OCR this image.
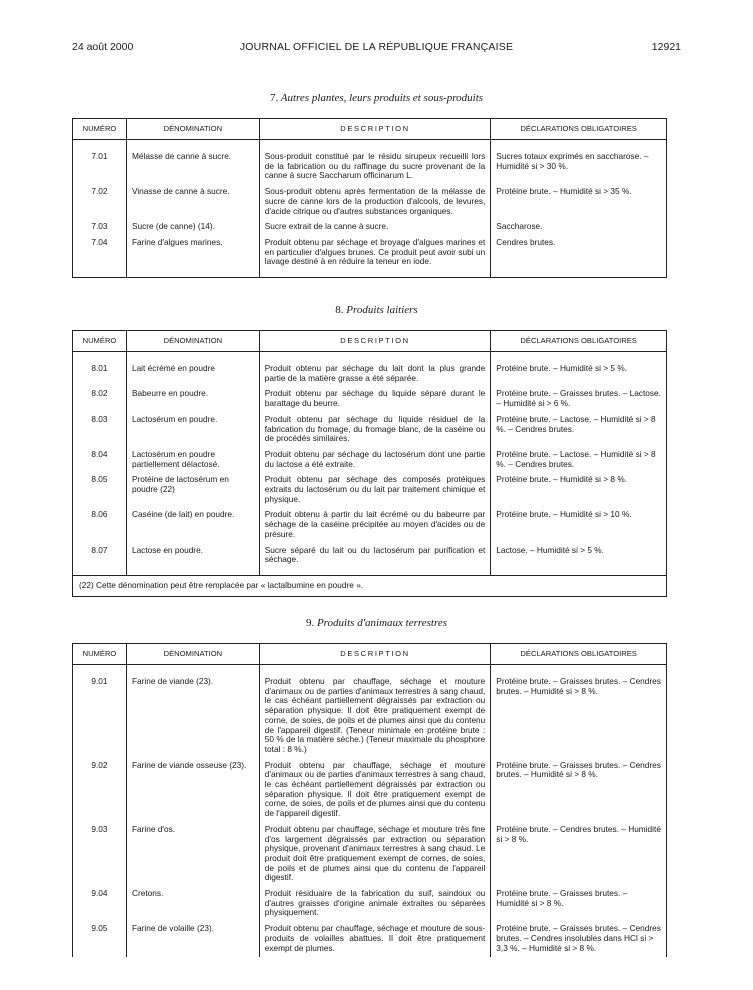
24 août 2000	JOURNAL OFFICIEL DE LA RÉPUBLIQUE FRANÇAISE	12921
7. Autres plantes, leurs produits et sous-produits
NUMÉRO	DÉNOMINATION	DESCRIPTION	DÉCLARATIONS OBLIGATOIRES

7.01	Mélasse de canne à sucre.	Sous-produit constitué par le résidu sirupeux recueilli lors de la fabrication ou du raffinage du sucre provenant de la canne à sucre Saccharum officinarum L.	Sucres totaux exprimés en saccharose. – Humidité si > 30 %.
7.02	Vinasse de canne à sucre.	Sous-produit obtenu après fermentation de la mélasse de sucre de canne lors de la production d'alcools, de levures, d'acide citrique ou d'autres substances organiques.	Protéine brute. – Humidité si > 35 %.
7.03	Sucre (de canne) (14).	Sucre extrait de la canne à sucre.	Saccharose.
7.04	Farine d'algues marines.	Produit obtenu par séchage et broyage d'algues marines et en particulier d'algues brunes. Ce produit peut avoir subi un lavage destiné à en réduire la teneur en iode.	Cendres brutes.
8. Produits laitiers
NUMÉRO	DÉNOMINATION	DESCRIPTION	DÉCLARATIONS OBLIGATOIRES

8.01	Lait écrémé en poudre	Produit obtenu par séchage du lait dont la plus grande partie de la matière grasse a été séparée.	Protéine brute. – Humidité si > 5 %.
8.02	Babeurre en poudre.	Produit obtenu par séchage du liquide séparé durant le barattage du beurre.	Protéine brute. – Graisses brutes. – Lactose. – Humidité si > 6 %.
8.03	Lactosérum en poudre.	Produit obtenu par séchage du liquide résiduel de la fabrication du fromage, du fromage blanc, de la caséine ou de procédés similaires.	Protéine brute. – Lactose. – Humidité si > 8 %. – Cendres brutes.
8.04	Lactosérum en poudre partiellement délactosé.	Produit obtenu par séchage du lactosérum dont une partie du lactose a été extraite.	Protéine brute. – Lactose. – Humidité si > 8 %. – Cendres brutes.
8.05	Protéine de lactosérum en poudre (22)	Produit obtenu par séchage des composés protéiques extraits du lactosérum ou du lait par traitement chimique et physique.	Protéine brute. – Humidité si > 8 %.
8.06	Caséine (de lait) en poudre.	Produit obtenu à partir du lait écrémé ou du babeurre par séchage de la caséine précipitée au moyen d'acides ou de présure.	Protéine brute. – Humidité si > 10 %.
8.07	Lactose en poudre.	Sucre séparé du lait ou du lactosérum par purification et séchage.	Lactose. – Humidité si > 5 %.
(22) Cette dénomination peut être remplacée par « lactalbumine en poudre ».			
9. Produits d'animaux terrestres
NUMÉRO	DÉNOMINATION	DESCRIPTION	DÉCLARATIONS OBLIGATOIRES

9.01	Farine de viande (23).	Produit obtenu par chauffage, séchage et mouture d'animaux ou de parties d'animaux terrestres à sang chaud, le cas échéant partiellement dégraissés par extraction ou séparation physique. Il doit être pratiquement exempt de corne, de soies, de poils et de plumes ainsi que du contenu de l'appareil digestif. (Teneur minimale en protéine brute : 50 % de la matière sèche.) (Teneur maximale du phosphore total : 8 %.)	Protéine brute. – Graisses brutes. – Cendres brutes. – Humidité si > 8 %.
9.02	Farine de viande osseuse (23).	Produit obtenu par chauffage, séchage et mouture d'animaux ou de parties d'animaux terrestres à sang chaud, le cas échéant partiellement dégraissés par extraction ou séparation physique. Il doit être pratiquement exempt de corne, de soies, de poils et de plumes ainsi que du contenu de l'appareil digestif.	Protéine brute. – Graisses brutes. – Cendres brutes. – Humidité si > 8 %.
9.03	Farine d'os.	Produit obtenu par chauffage, séchage et mouture très fine d'os largement dégraissés par extraction ou séparation physique, provenant d'animaux terrestres à sang chaud. Le produit doit être pratiquement exempt de cornes, de soies, de poils et de plumes ainsi que du contenu de l'appareil digestif.	Protéine brute. – Cendres brutes. – Humidité si > 8 %.
9.04	Cretons.	Produit résiduaire de la fabrication du suif, saindoux ou d'autres graisses d'origine animale extraites ou séparées physiquement.	Protéine brute. – Graisses brutes. – Humidité si > 8 %.
9.05	Farine de volaille (23).	Produit obtenu par chauffage, séchage et mouture de sous-produits de volailles abattues. Il doit être pratiquement exempt de plumes.	Protéine brute. – Graisses brutes. – Cendres brutes. – Cendres insolubles dans HCl si > 3,3 %. – Humidité si > 8 %.
